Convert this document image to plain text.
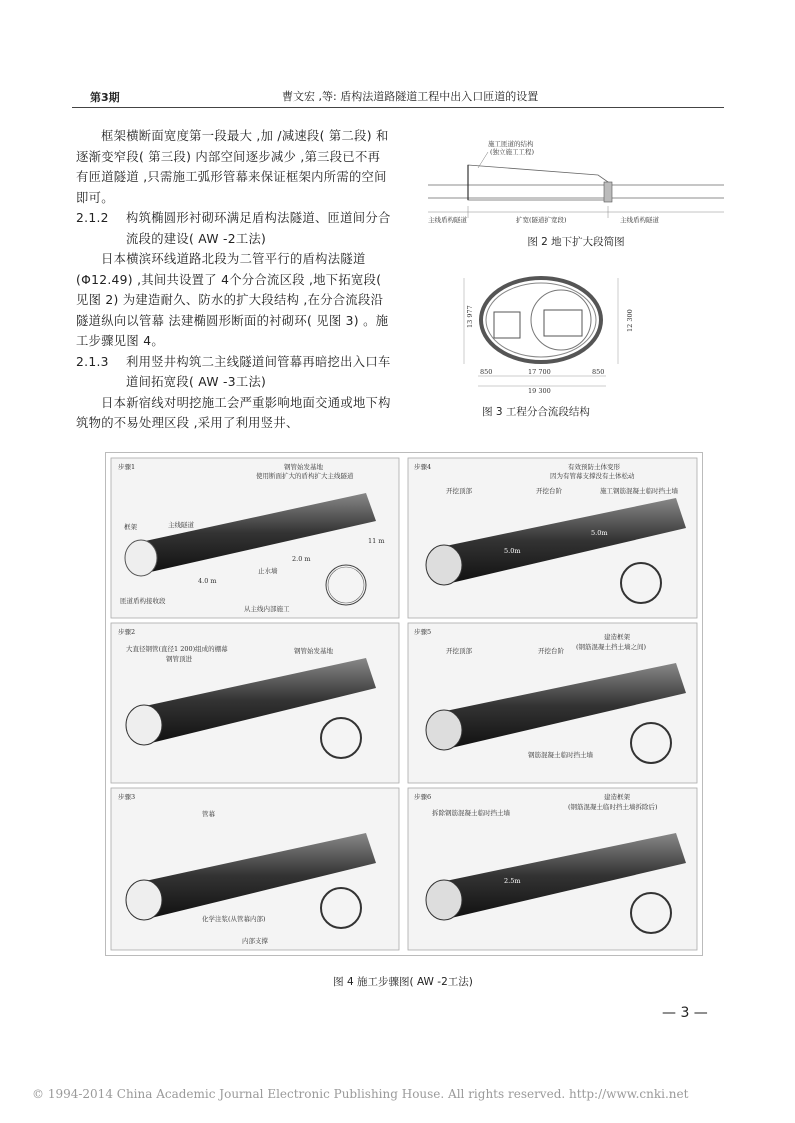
第3期	曹文宏 ,等: 盾构法道路隧道工程中出入口匝道的设置

框架横断面宽度第一段最大 ,加 /减速段( 第二段) 和逐渐变窄段( 第三段) 内部空间逐步减少 ,第三段已不再有匝道隧道 ,只需施工弧形管幕来保证框架内所需的空间即可。

2.1.2	构筑椭圆形衬砌环满足盾构法隧道、匝道间分合流段的建设( AW -2工法)

日本横滨环线道路北段为二管平行的盾构法隧道(Φ12.49) ,其间共设置了 4个分合流区段 ,地下拓宽段( 见图 2) 为建造耐久、防水的扩大段结构 ,在分合流段沿隧道纵向以管幕 法建椭圆形断面的衬砌环( 见图 3) 。施工步骤见图 4。

2.1.3	利用竖井构筑二主线隧道间管幕再暗挖出入口车道间拓宽段( AW -3工法)

日本新宿线对明挖施工会严重影响地面交通或地下构筑物的不易处理区段 ,采用了利用竖井、

施工匝道的结构
(独立施工工程)
主线盾构隧道	扩宽(隧道扩宽段)	主线盾构隧道
图 2 地下扩大段简图
13 977	12 300
850	17 700	850
19 300
图 3 工程分合流段结构
步骤1
框架	主线隧道
钢管始发基地
使用断面扩大的盾构扩大主线隧道
2.0 m
11 m
止水墙
4.0 m
匝道盾构接收段
从主线内部施工
步骤4	有效预防土体变形
因为有管幕支撑没有土体松动
开挖顶部	开挖台阶	施工钢筋混凝土临时挡土墙
5.0m
5.0m
步骤2
大直径钢管(直径1 200)组成的棚幕
钢管顶进
钢管始发基地
步骤5
开挖顶部	开挖台阶
建造框架
(钢筋混凝土挡土墙之间)
钢筋混凝土临时挡土墙
步骤3
管幕
化学注浆(从管幕内部)
内部支撑
步骤6
拆除钢筋混凝土临时挡土墙
建造框架
(钢筋混凝土临时挡土墙拆除后)
2.5m
图 4 施工步骤图( AW -2工法)
— 3 —
© 1994-2014 China Academic Journal Electronic Publishing House. All rights reserved. http://www.cnki.net
